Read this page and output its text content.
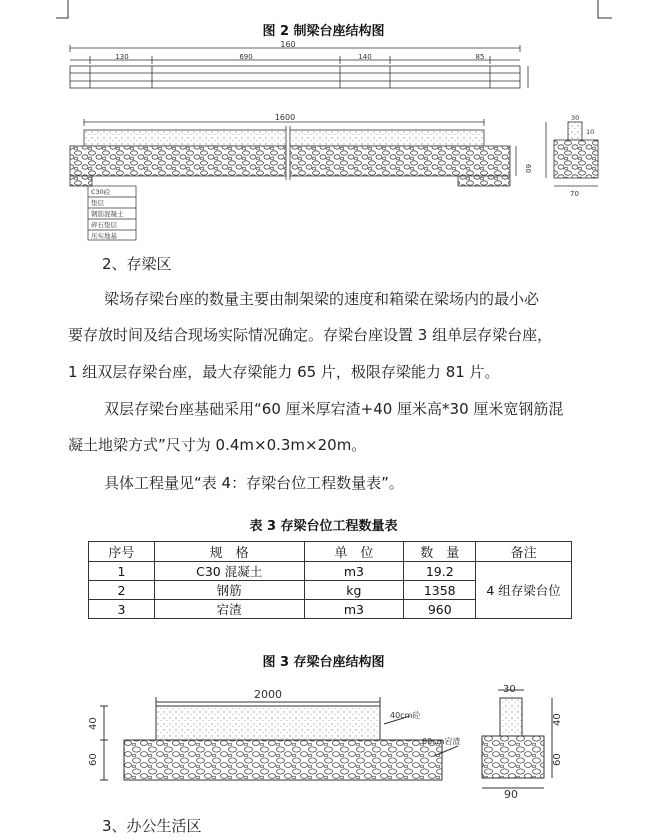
图 2 制梁台座结构图
160
130	690	140	85
1600
60
C30砼
垫层
钢筋混凝土
碎石垫层
压实地基
30
10
70
2、存梁区
梁场存梁台座的数量主要由制架梁的速度和箱梁在梁场内的最小必
要存放时间及结合现场实际情况确定。存梁台座设置 3 组单层存梁台座，
1 组双层存梁台座，最大存梁能力 65 片，极限存梁能力 81 片。
双层存梁台座基础采用“60 厘米厚宕渣+40 厘米高*30 厘米宽钢筋混
凝土地梁方式”尺寸为 0.4m×0.3m×20m。
具体工程量见“表 4：存梁台位工程数量表”。
表 3 存梁台位工程数量表
序号	规　格	单　位	数　量	备注
1	C30 混凝土	m3	19.2	4 组存梁台位
2	钢筋	kg	1358	
3	宕渣	m3	960	
图 3 存梁台座结构图
2000
40cm砼
60cm宕渣
40
60
30
40
60
90
3、办公生活区
